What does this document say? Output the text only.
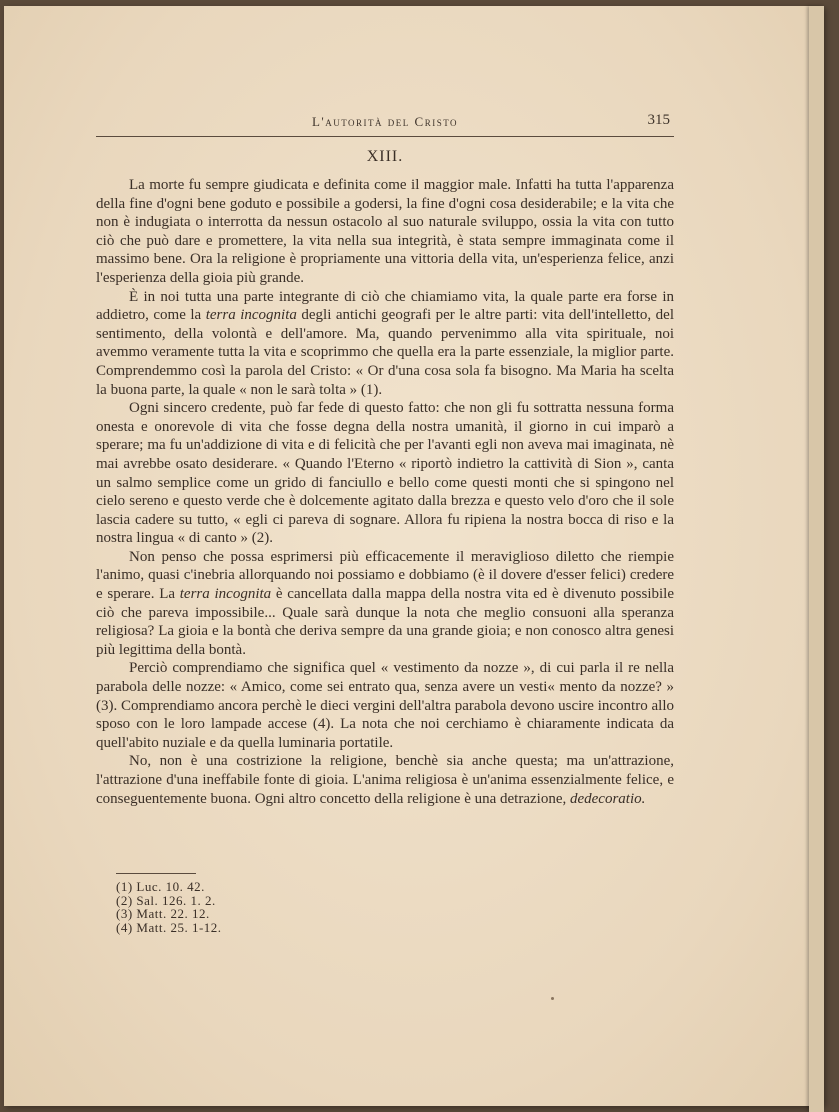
L'autorità del Cristo	315
XIII.

La morte fu sempre giudicata e definita come il maggior male. Infatti ha tutta l'apparenza della fine d'ogni bene goduto e possibile a godersi, la fine d'ogni cosa desiderabile; e la vita che non è indugiata o interrotta da nessun ostacolo al suo naturale sviluppo, ossia la vita con tutto ciò che può dare e promettere, la vita nella sua integrità, è stata sempre immaginata come il massimo bene. Ora la religione è propriamente una vittoria della vita, un'esperienza felice, anzi l'esperienza della gioia più grande.

È in noi tutta una parte integrante di ciò che chiamiamo vita, la quale parte era forse in addietro, come la terra incognita degli antichi geografi per le altre parti: vita dell'intelletto, del sentimento, della volontà e dell'amore. Ma, quando pervenimmo alla vita spirituale, noi avemmo veramente tutta la vita e scoprimmo che quella era la parte essenziale, la miglior parte. Comprendemmo così la parola del Cristo: « Or d'una cosa sola fa bisogno. Ma Maria ha scelta la buona parte, la quale « non le sarà tolta » (1).

Ogni sincero credente, può far fede di questo fatto: che non gli fu sottratta nessuna forma onesta e onorevole di vita che fosse degna della nostra umanità, il giorno in cui imparò a sperare; ma fu un'addizione di vita e di felicità che per l'avanti egli non aveva mai imaginata, nè mai avrebbe osato desiderare. « Quando l'Eterno « riportò indietro la cattività di Sion », canta un salmo semplice come un grido di fanciullo e bello come questi monti che si spingono nel cielo sereno e questo verde che è dolcemente agitato dalla brezza e questo velo d'oro che il sole lascia cadere su tutto, « egli ci pareva di sognare. Allora fu ripiena la nostra bocca di riso e la nostra lingua « di canto » (2).

Non penso che possa esprimersi più efficacemente il meraviglioso diletto che riempie l'animo, quasi c'inebria allorquando noi possiamo e dobbiamo (è il dovere d'esser felici) credere e sperare. La terra incognita è cancellata dalla mappa della nostra vita ed è divenuto possibile ciò che pareva impossibile... Quale sarà dunque la nota che meglio consuoni alla speranza religiosa? La gioia e la bontà che deriva sempre da una grande gioia; e non conosco altra genesi più legittima della bontà.

Perciò comprendiamo che significa quel « vestimento da nozze », di cui parla il re nella parabola delle nozze: « Amico, come sei entrato qua, senza avere un vesti« mento da nozze? » (3). Comprendiamo ancora perchè le dieci vergini dell'altra parabola devono uscire incontro allo sposo con le loro lampade accese (4). La nota che noi cerchiamo è chiaramente indicata da quell'abito nuziale e da quella luminaria portatile.

No, non è una costrizione la religione, benchè sia anche questa; ma un'attrazione, l'attrazione d'una ineffabile fonte di gioia. L'anima religiosa è un'anima essenzialmente felice, e conseguentemente buona. Ogni altro concetto della religione è una detrazione, dedecoratio.

(1) Luc. 10. 42.
(2) Sal. 126. 1. 2.
(3) Matt. 22. 12.
(4) Matt. 25. 1-12.
